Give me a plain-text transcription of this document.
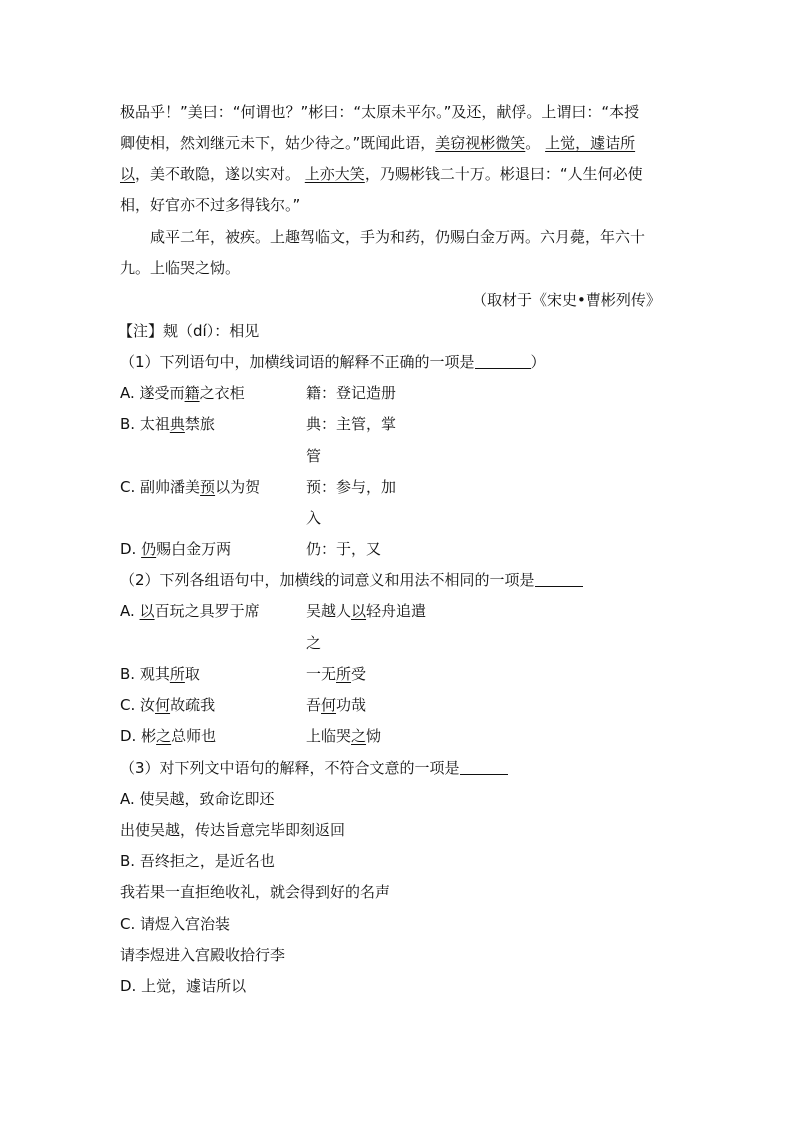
极品乎！”美曰：“何谓也？”彬曰：“太原未平尔。”及还，献俘。上谓曰：“本授
卿使相，然刘继元未下，姑少待之。”既闻此语，美窃视彬微笑。 上觉，遽诘所
以，美不敢隐，遂以实对。 上亦大笑，乃赐彬钱二十万。彬退曰：“人生何必使
相，好官亦不过多得钱尔。”
咸平二年，被疾。上趣驾临文，手为和药，仍赐白金万两。六月薨，年六十
九。上临哭之恸。
（取材于《宋史 • 曹彬列传》
【注】觌（dí）：相见
（1）下列语句中，加横线词语的解释不正确的一项是	）
A. 遂受而籍之衣柜	籍：登记造册
B. 太祖典禁旅	典：主管，掌
管
C. 副帅潘美预以为贺	预：参与，加
入
D. 仍赐白金万两	仍：于，又
（2）下列各组语句中，加横线的词意义和用法不相同的一项是
A. 以百玩之具罗于席	吴越人以轻舟追遣
之
B. 观其所取	一无所受
C. 汝何故疏我	吾何功哉
D. 彬之总师也	上临哭之恸
（3）对下列文中语句的解释，不符合文意的一项是
A. 使吴越，致命讫即还
出使吴越，传达旨意完毕即刻返回
B. 吾终拒之，是近名也
我若果一直拒绝收礼，就会得到好的名声
C. 请煜入宫治装
请李煜进入宫殿收拾行李
D. 上觉，遽诘所以
